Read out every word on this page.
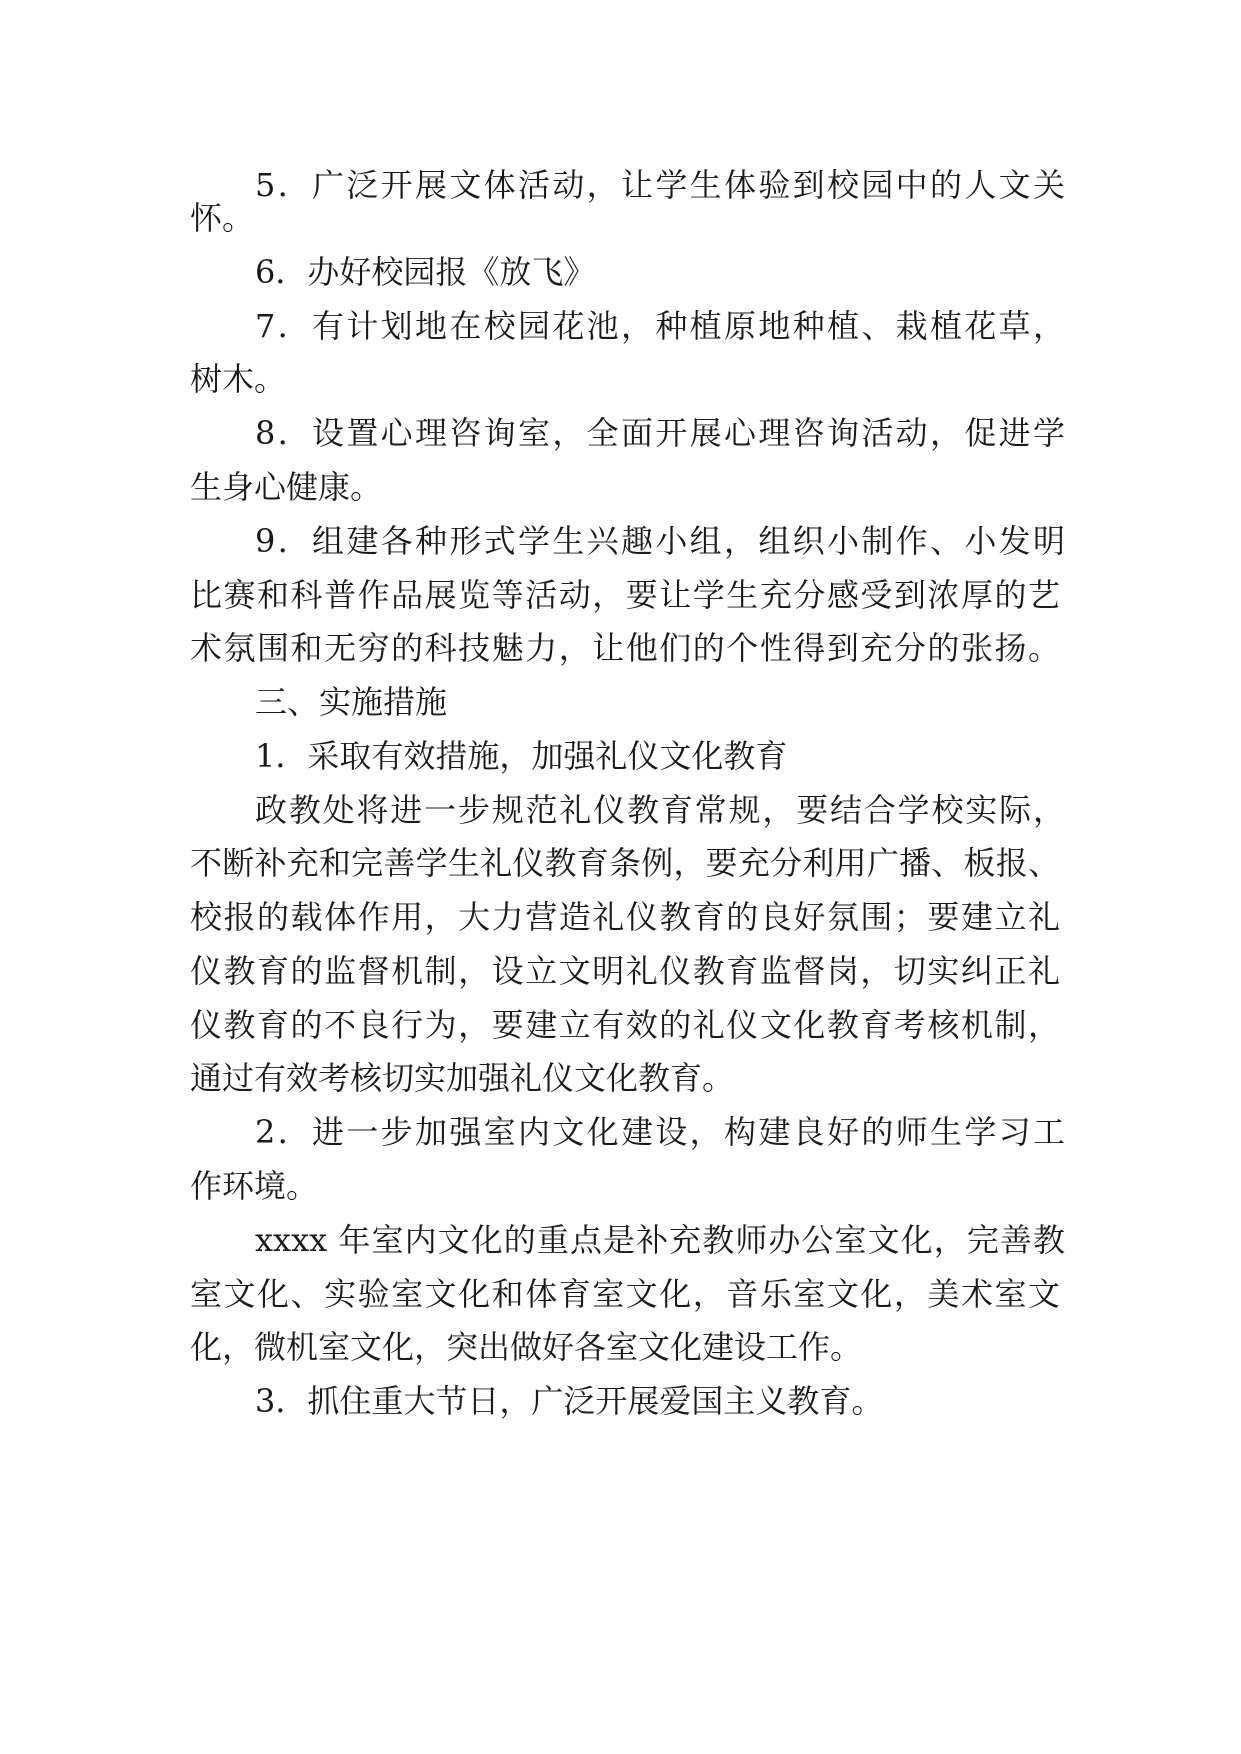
5．广泛开展文体活动，让学生体验到校园中的人文关
怀。
6．办好校园报《放飞》
7．有计划地在校园花池，种植原地种植、栽植花草，
树木。
8．设置心理咨询室，全面开展心理咨询活动，促进学
生身心健康。
9．组建各种形式学生兴趣小组，组织小制作、小发明
比赛和科普作品展览等活动，要让学生充分感受到浓厚的艺
术氛围和无穷的科技魅力，让他们的个性得到充分的张扬。
三、实施措施
1．采取有效措施，加强礼仪文化教育
政教处将进一步规范礼仪教育常规，要结合学校实际，
不断补充和完善学生礼仪教育条例，要充分利用广播、板报、
校报的载体作用，大力营造礼仪教育的良好氛围；要建立礼
仪教育的监督机制，设立文明礼仪教育监督岗，切实纠正礼
仪教育的不良行为，要建立有效的礼仪文化教育考核机制，
通过有效考核切实加强礼仪文化教育。
2．进一步加强室内文化建设，构建良好的师生学习工
作环境。
xxxx 年室内文化的重点是补充教师办公室文化，完善教
室文化、实验室文化和体育室文化，音乐室文化，美术室文
化，微机室文化，突出做好各室文化建设工作。
3．抓住重大节日，广泛开展爱国主义教育。
